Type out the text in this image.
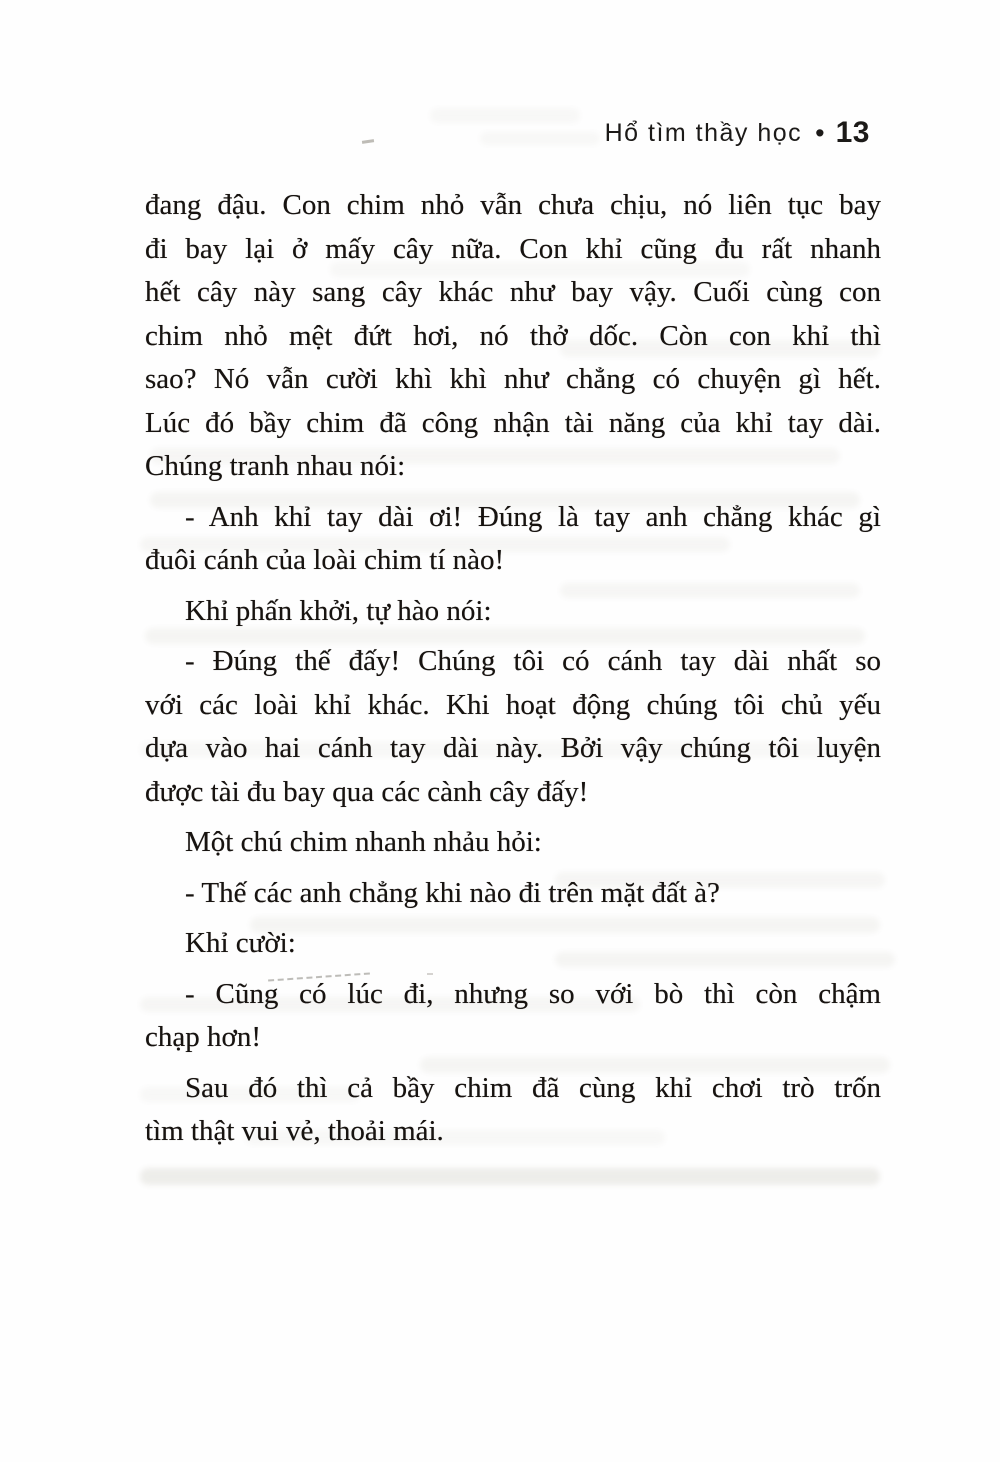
Hổ tìm thầy học • 13
đang đậu. Con chim nhỏ vẫn chưa chịu, nó liên tục bay
đi bay lại ở mấy cây nữa. Con khỉ cũng đu rất nhanh
hết cây này sang cây khác như bay vậy. Cuối cùng con
chim nhỏ mệt đứt hơi, nó thở dốc. Còn con khỉ thì
sao? Nó vẫn cười khì khì như chẳng có chuyện gì hết.
Lúc đó bầy chim đã công nhận tài năng của khỉ tay dài.
Chúng tranh nhau nói:
- Anh khỉ tay dài ơi! Đúng là tay anh chẳng khác gì
đuôi cánh của loài chim tí nào!
Khỉ phấn khởi, tự hào nói:
- Đúng thế đấy! Chúng tôi có cánh tay dài nhất so
với các loài khỉ khác. Khi hoạt động chúng tôi chủ yếu
dựa vào hai cánh tay dài này. Bởi vậy chúng tôi luyện
được tài đu bay qua các cành cây đấy!
Một chú chim nhanh nhảu hỏi:
- Thế các anh chẳng khi nào đi trên mặt đất à?
Khỉ cười:
- Cũng có lúc đi, nhưng so với bò thì còn chậm
chạp hơn!
Sau đó thì cả bầy chim đã cùng khỉ chơi trò trốn
tìm thật vui vẻ, thoải mái.
